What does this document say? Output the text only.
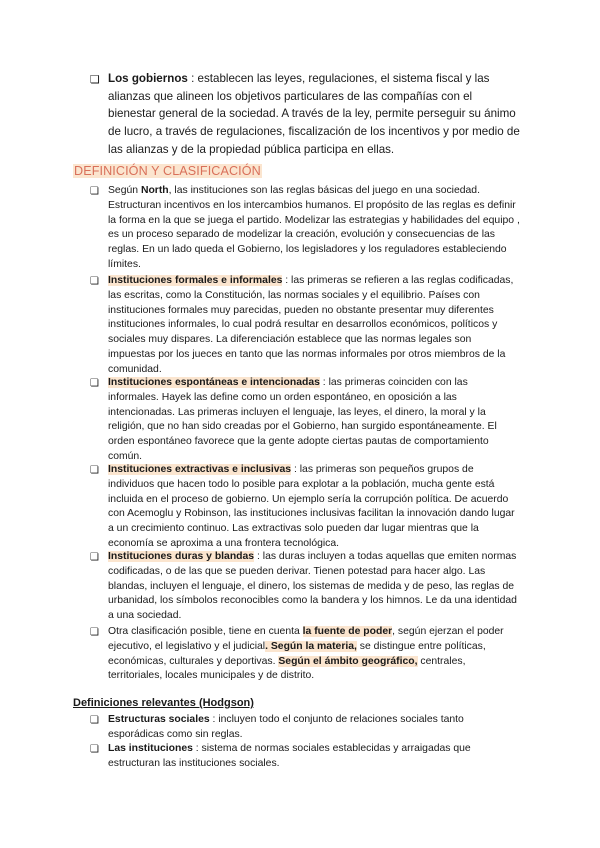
❏ Los gobiernos : establecen las leyes, regulaciones, el sistema fiscal y las alianzas que alineen los objetivos particulares de las compañías con el bienestar general de la sociedad. A través de la ley, permite perseguir su ánimo de lucro, a través de regulaciones, fiscalización de los incentivos y por medio de las alianzas y de la propiedad pública participa en ellas.
DEFINICIÓN Y CLASIFICACIÓN
❏ Según North, las instituciones son las reglas básicas del juego en una sociedad. Estructuran incentivos en los intercambios humanos. El propósito de las reglas es definir la forma en la que se juega el partido. Modelizar las estrategias y habilidades del equipo , es un proceso separado de modelizar la creación, evolución y consecuencias de las reglas. En un lado queda el Gobierno, los legisladores y los reguladores estableciendo límites.
❏ Instituciones formales e informales : las primeras se refieren a las reglas codificadas, las escritas, como la Constitución, las normas sociales y el equilibrio. Países con instituciones formales muy parecidas, pueden no obstante presentar muy diferentes instituciones informales, lo cual podrá resultar en desarrollos económicos, políticos y sociales muy dispares. La diferenciación establece que las normas legales son impuestas por los jueces en tanto que las normas informales por otros miembros de la comunidad.
❏ Instituciones espontáneas e intencionadas : las primeras coinciden con las informales. Hayek las define como un orden espontáneo, en oposición a las intencionadas. Las primeras incluyen el lenguaje, las leyes, el dinero, la moral y la religión, que no han sido creadas por el Gobierno, han surgido espontáneamente. El orden espontáneo favorece que la gente adopte ciertas pautas de comportamiento común.
❏ Instituciones extractivas e inclusivas : las primeras son pequeños grupos de individuos que hacen todo lo posible para explotar a la población, mucha gente está incluida en el proceso de gobierno. Un ejemplo sería la corrupción política. De acuerdo con Acemoglu y Robinson, las instituciones inclusivas facilitan la innovación dando lugar a un crecimiento continuo. Las extractivas solo pueden dar lugar mientras que la economía se aproxima a una frontera tecnológica.
❏ Instituciones duras y blandas : las duras incluyen a todas aquellas que emiten normas codificadas, o de las que se pueden derivar. Tienen potestad para hacer algo. Las blandas, incluyen el lenguaje, el dinero, los sistemas de medida y de peso, las reglas de urbanidad, los símbolos reconocibles como la bandera y los himnos. Le da una identidad a una sociedad.
❏ Otra clasificación posible, tiene en cuenta la fuente de poder, según ejerzan el poder ejecutivo, el legislativo y el judicial. Según la materia, se distingue entre políticas, económicas, culturales y deportivas. Según el ámbito geográfico, centrales, territoriales, locales municipales y de distrito.
Definiciones relevantes (Hodgson)
❏ Estructuras sociales : incluyen todo el conjunto de relaciones sociales tanto esporádicas como sin reglas.
❏ Las instituciones : sistema de normas sociales establecidas y arraigadas que estructuran las instituciones sociales.
